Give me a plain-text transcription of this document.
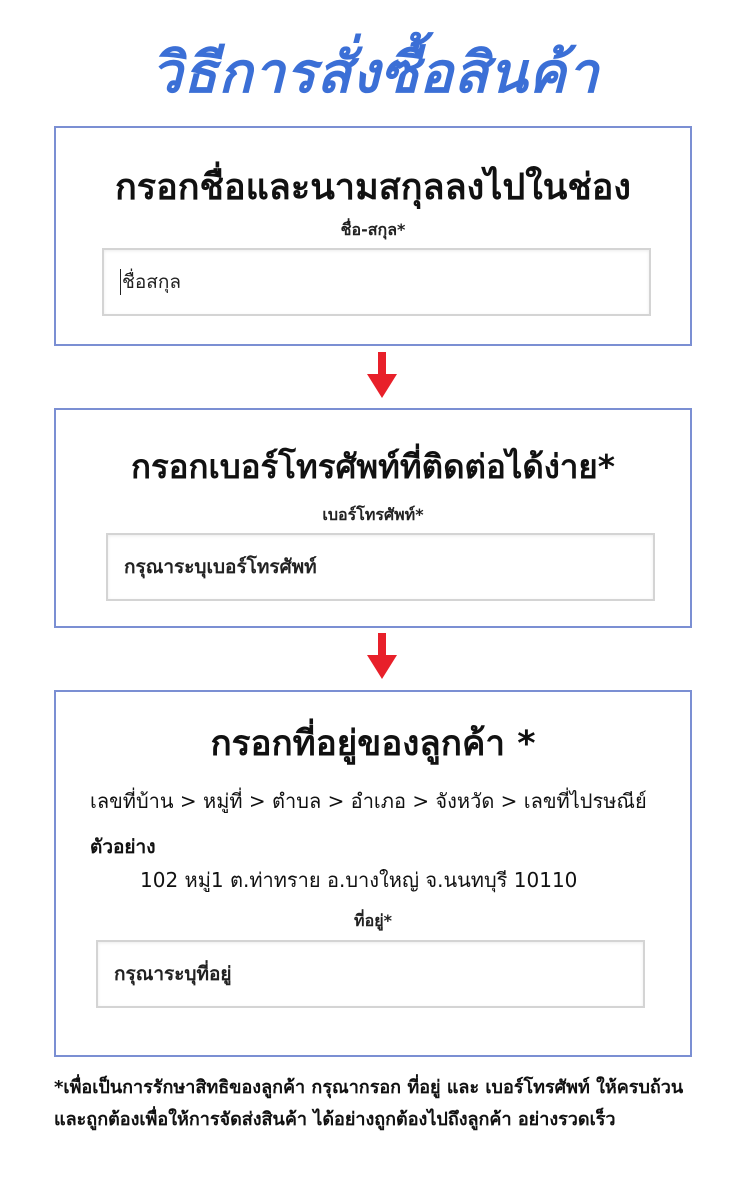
วิธีการสั่งซื้อสินค้า
กรอกชื่อและนามสกุลลงไปในช่อง
ชื่อ-สกุล*
ชื่อสกุล
กรอกเบอร์โทรศัพท์ที่ติดต่อได้ง่าย*
เบอร์โทรศัพท์*
กรุณาระบุเบอร์โทรศัพท์
กรอกที่อยู่ของลูกค้า *
เลขที่บ้าน > หมู่ที่ > ตำบล > อำเภอ > จังหวัด > เลขที่ไปรษณีย์
ตัวอย่าง
102 หมู่1 ต.ท่าทราย อ.บางใหญ่ จ.นนทบุรี 10110
ที่อยู่*
กรุณาระบุที่อยู่
*เพื่อเป็นการรักษาสิทธิของลูกค้า กรุณากรอก ที่อยู่ และ เบอร์โทรศัพท์ ให้ครบถ้วนและถูกต้องเพื่อให้การจัดส่งสินค้า ได้อย่างถูกต้องไปถึงลูกค้า อย่างรวดเร็ว
